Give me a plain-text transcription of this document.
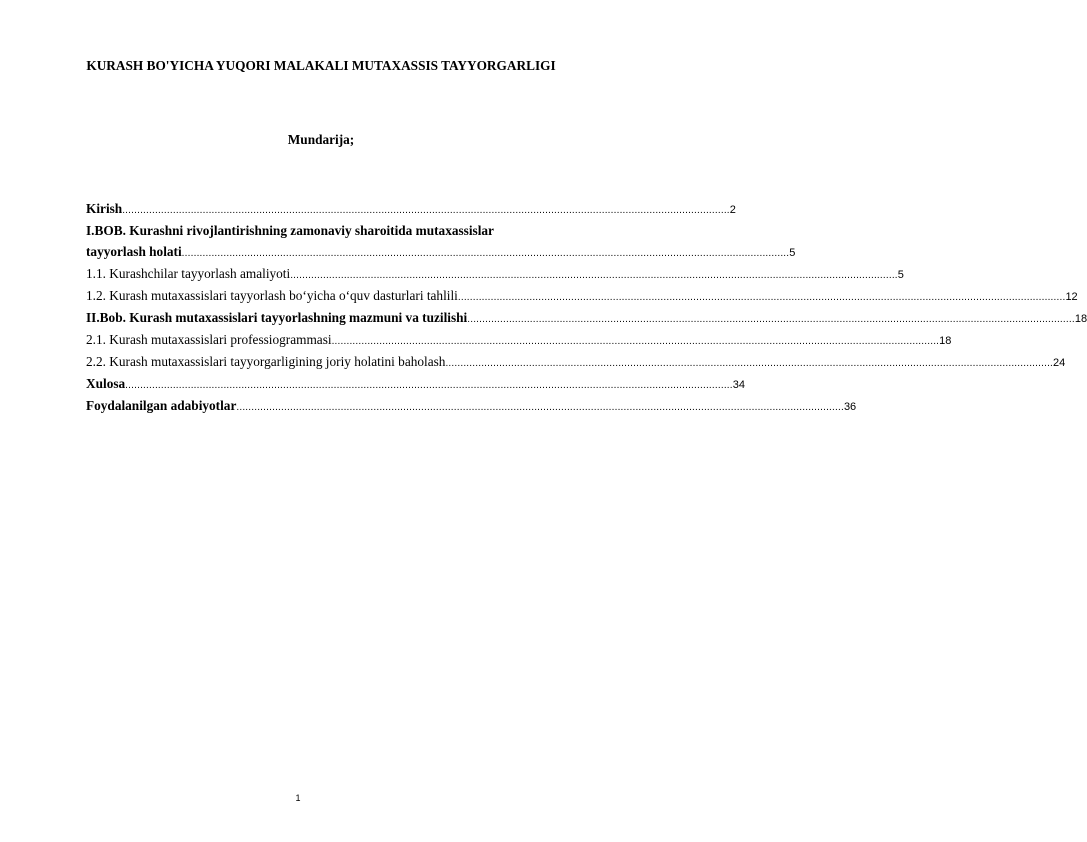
KURASH BO'YICHA YUQORI MALAKALI MUTAXASSIS TAYYORGARLIGI
Mundarija;
Kirish ............................................................................................................................................................................................................ 2
I.BOB. Kurashni rivojlantirishning zamonaviy sharoitida mutaxassislar
tayyorlash holati ............................................................................................................................................................................................................ 5
1.1. Kurashchilar tayyorlash amaliyoti ............................................................................................................................................................................................................ 5
1.2. Kurash mutaxassislari tayyorlash bo‘yicha o‘quv dasturlari tahlili ............................................................................................................................................................................................................ 12
II.Bob. Kurash mutaxassislari tayyorlashning mazmuni va tuzilishi ............................................................................................................................................................................................................ 18
2.1. Kurash mutaxassislari professiogrammasi ............................................................................................................................................................................................................ 18
2.2. Kurash mutaxassislari tayyorgarligining joriy holatini baholash ............................................................................................................................................................................................................ 24
Xulosa ............................................................................................................................................................................................................ 34
Foydalanilgan adabiyotlar ............................................................................................................................................................................................................ 36
1
